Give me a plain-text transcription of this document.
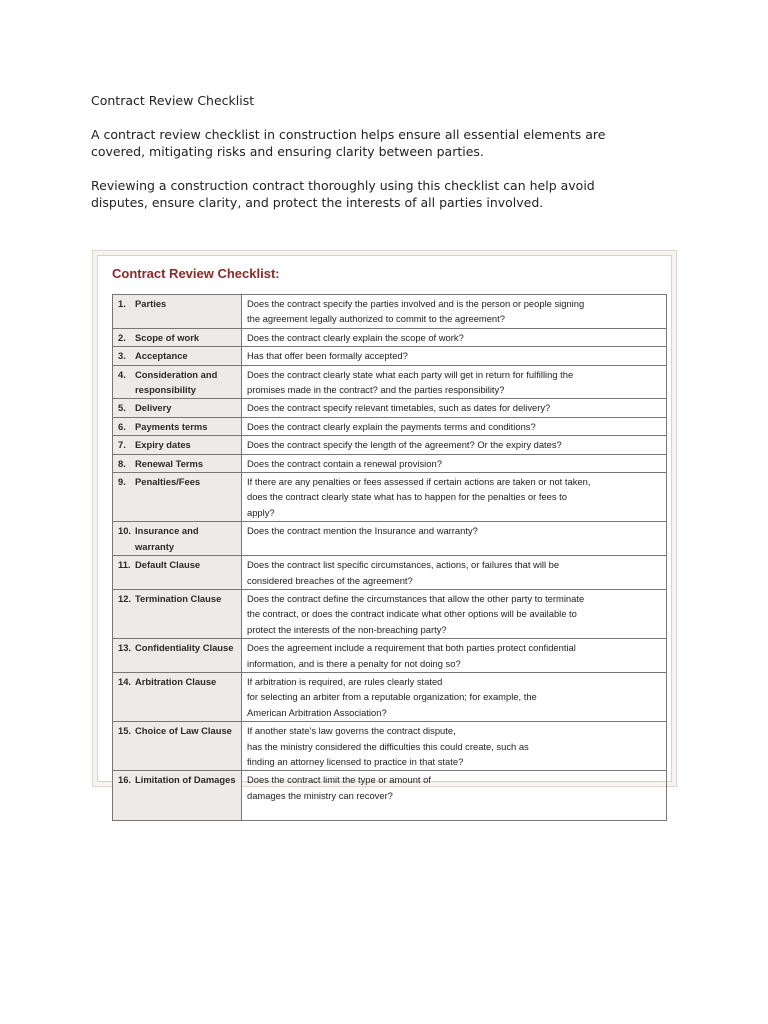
Contract Review Checklist

A contract review checklist in construction helps ensure all essential elements are covered, mitigating risks and ensuring clarity between parties.

Reviewing a construction contract thoroughly using this checklist can help avoid disputes, ensure clarity, and protect the interests of all parties involved.

Contract Review Checklist:
1. Parties	Does the contract specify the parties involved and is the person or people signing
the agreement legally authorized to commit to the agreement?

2. Scope of work	Does the contract clearly explain the scope of work?

3. Acceptance	Has that offer been formally accepted?

4. Consideration and responsibility	Does the contract clearly state what each party will get in return for fulfilling the
promises made in the contract? and the parties responsibility?

5. Delivery	Does the contract specify relevant timetables, such as dates for delivery?

6. Payments terms	Does the contract clearly explain the payments terms and conditions?

7. Expiry dates	Does the contract specify the length of the agreement? Or the expiry dates?

8. Renewal Terms	Does the contract contain a renewal provision?

9. Penalties/Fees	If there are any penalties or fees assessed if certain actions are taken or not taken,
does the contract clearly state what has to happen for the penalties or fees to
apply?

10. Insurance and warranty	Does the contract mention the Insurance and warranty?

11. Default Clause	Does the contract list specific circumstances, actions, or failures that will be
considered breaches of the agreement?

12. Termination Clause	Does the contract define the circumstances that allow the other party to terminate
the contract, or does the contract indicate what other options will be available to
protect the interests of the non-breaching party?

13. Confidentiality Clause	Does the agreement include a requirement that both parties protect confidential
information, and is there a penalty for not doing so?

14. Arbitration Clause	If arbitration is required, are rules clearly stated
for selecting an arbiter from a reputable organization; for example, the
American Arbitration Association?

15. Choice of Law Clause	If another state's law governs the contract dispute,
has the ministry considered the difficulties this could create, such as
finding an attorney licensed to practice in that state?

16. Limitation of Damages	Does the contract limit the type or amount of
damages the ministry can recover?
